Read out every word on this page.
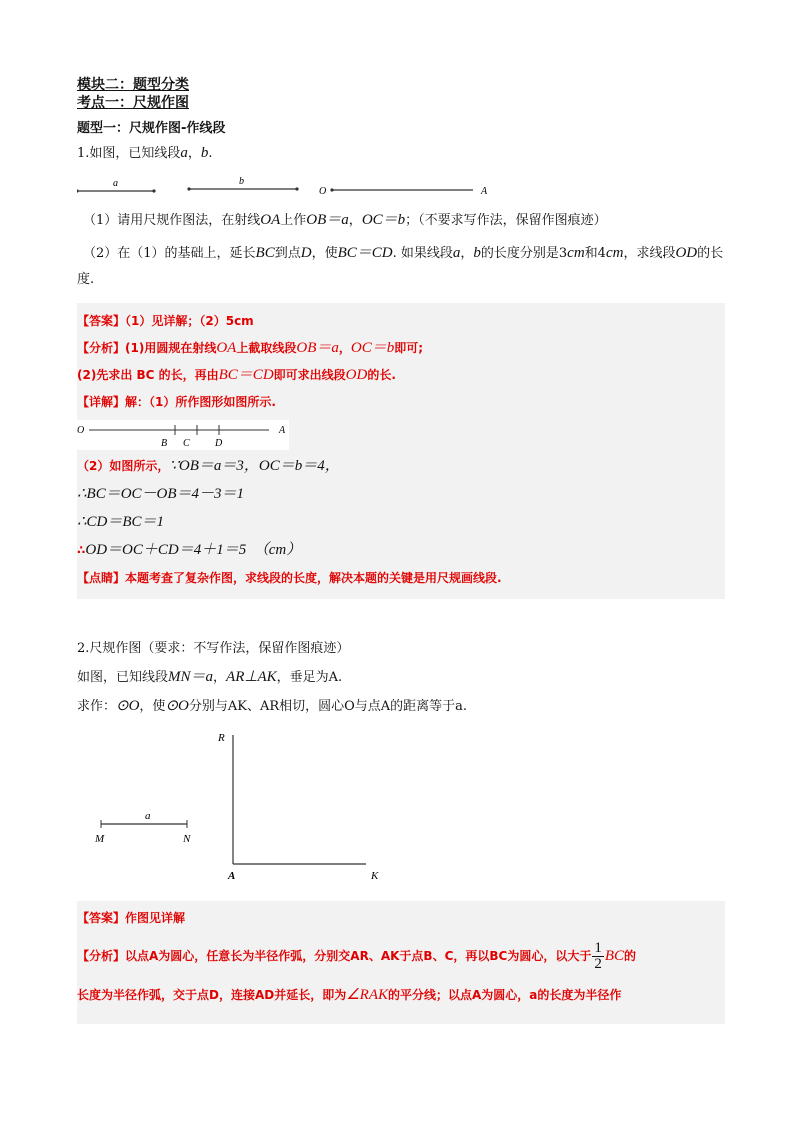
模块二：题型分类
考点一：尺规作图
题型一：尺规作图-作线段

1.如图，已知线段a，b.

a	b
O	A

（1）请用尺规作图法，在射线OA上作OB＝a，OC＝b；（不要求写作法，保留作图痕迹）

（2）在（1）的基础上，延长BC到点D，使BC＝CD. 如果线段a，b的长度分别是3cm和4cm，求线段OD的长度.

【答案】（1）见详解；（2）5cm

【分析】(1)用圆规在射线OA上截取线段OB＝a，OC＝b即可;

(2)先求出 BC 的长，再由BC＝CD即可求出线段OD的长.

【详解】解：（1）所作图形如图所示.

O
B C	D
A

（2）如图所示，∵OB＝a＝3，OC＝b＝4，

∴BC＝OC－OB＝4－3＝1

∴CD＝BC＝1

∴OD＝OC＋CD＝4＋1＝5　（cm）

【点睛】本题考查了复杂作图，求线段的长度，解决本题的关键是用尺规画线段.

2.尺规作图（要求：不写作法，保留作图痕迹）

如图，已知线段MN＝a，AR⊥AK，垂足为A.

求作：⊙O，使⊙O分别与AK、AR相切，圆心O与点A的距离等于a.

R
A	K
a
M	N

【答案】作图见详解

【分析】以点A为圆心，任意长为半径作弧，分别交AR、AK于点B、C，再以BC为圆心，以大于 $\frac{1}{2}$ BC的

长度为半径作弧，交于点D，连接AD并延长，即为∠RAK的平分线；以点A为圆心，a的长度为半径作
